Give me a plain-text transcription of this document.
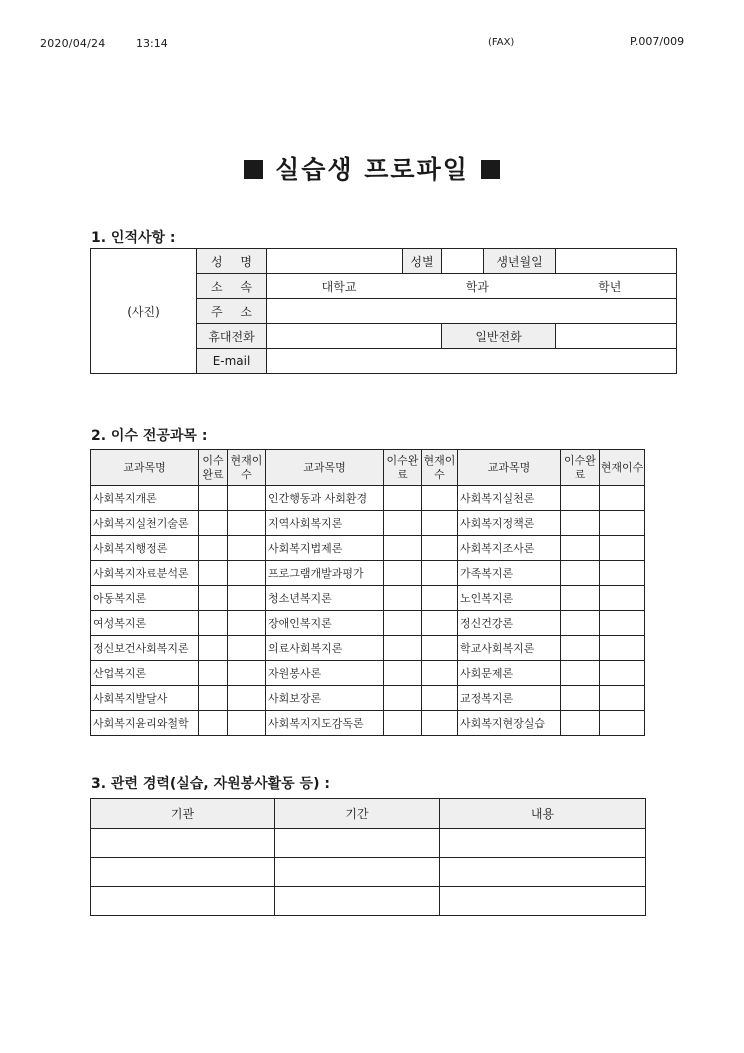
2020/04/24	13:14	(FAX)	P.007/009
실습생 프로파일
1. 인적사항 :
(사진)	성 명		성별		생년월일	

	소 속	대학교 학과 학년				

	주 소					

	휴대전화			일반전화		
	E-mail					
2. 이수 전공과목 :
교과목명	이수완료	현재이수	교과목명	이수완료	현재이수	교과목명	이수완료	현재이수
사회복지개론			인간행동과 사회환경			사회복지실천론		
사회복지실천기술론			지역사회복지론			사회복지정책론		
사회복지행정론			사회복지법제론			사회복지조사론		
사회복지자료분석론			프로그램개발과평가			가족복지론		
아동복지론			청소년복지론			노인복지론		
여성복지론			장애인복지론			정신건강론		
정신보건사회복지론			의료사회복지론			학교사회복지론		
산업복지론			자원봉사론			사회문제론		
사회복지발달사			사회보장론			교정복지론		
사회복지윤리와철학			사회복지지도감독론			사회복지현장실습		
3. 관련 경력(실습, 자원봉사활동 등) :
기관	기간	내용
